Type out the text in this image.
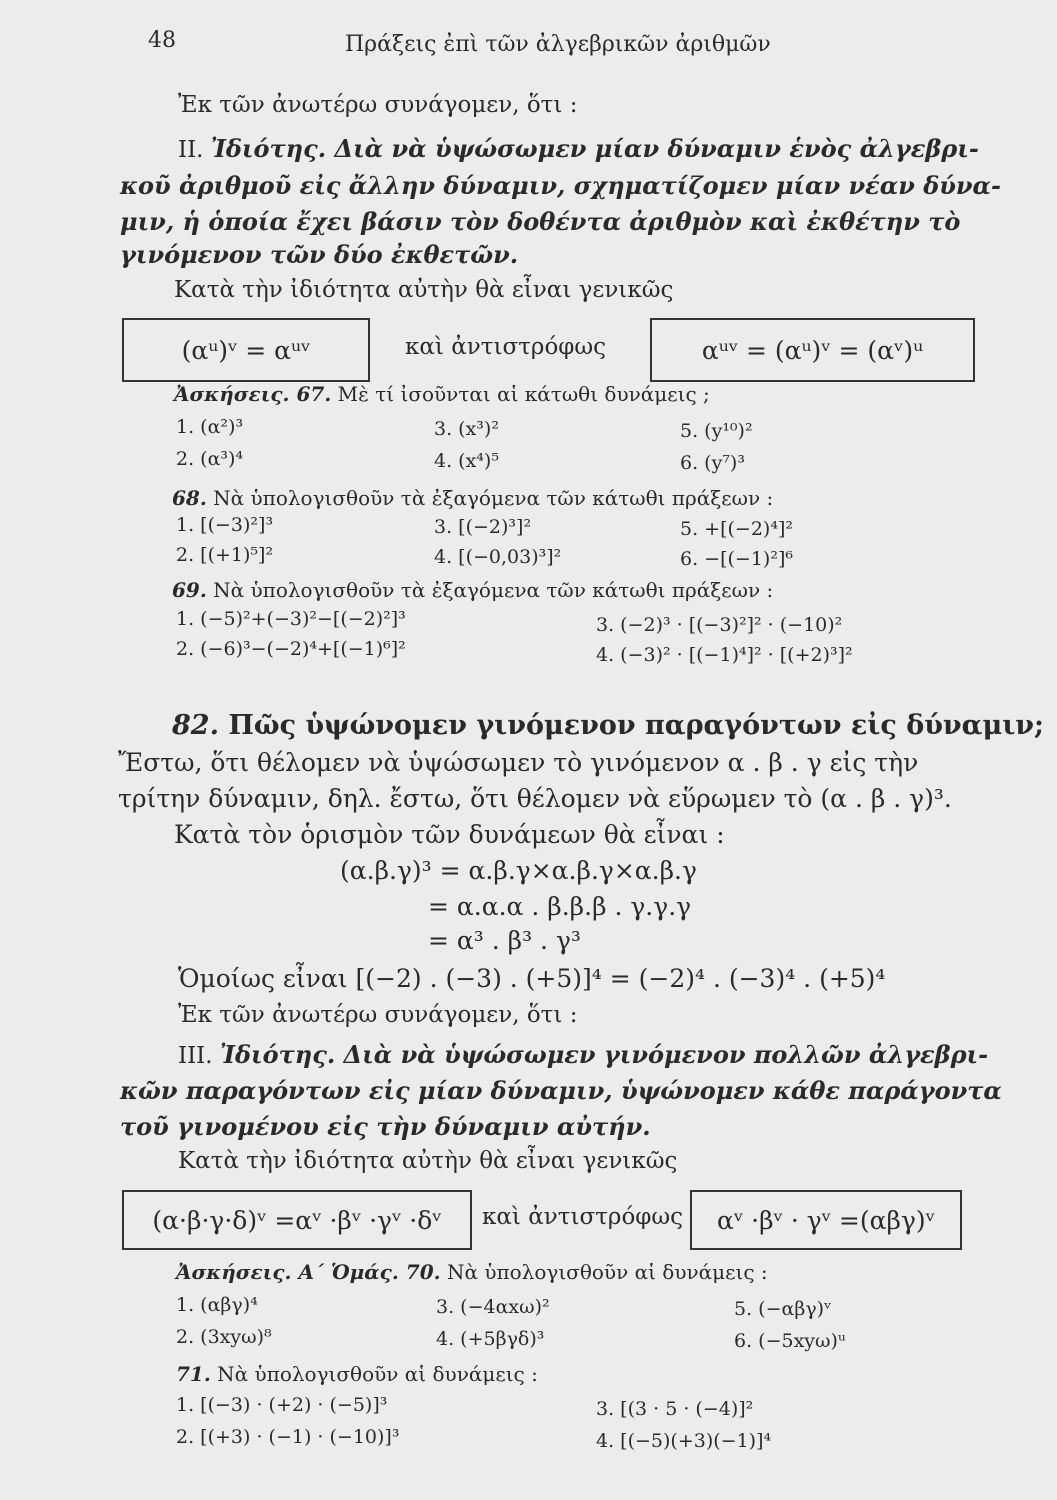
48	Πράξεις ἐπὶ τῶν ἀλγεβρικῶν ἀριθμῶν
Ἐκ τῶν ἀνωτέρω συνάγομεν, ὅτι :
II. Ἰδιότης. Διὰ νὰ ὑψώσωμεν μίαν δύναμιν ἑνὸς ἀλγεβρι-
κοῦ ἀριθμοῦ εἰς ἄλλην δύναμιν, σχηματίζομεν μίαν νέαν δύνα-
μιν, ἡ ὁποία ἔχει βάσιν τὸν δοθέντα ἀριθμὸν καὶ ἐκθέτην τὸ
γινόμενον τῶν δύο ἐκθετῶν.
Κατὰ τὴν ἰδιότητα αὐτὴν θὰ εἶναι γενικῶς
(αᵘ)ᵛ = αᵘᵛ	καὶ ἀντιστρόφως	αᵘᵛ = (αᵘ)ᵛ = (αᵛ)ᵘ
Ἀσκήσεις. 67. Μὲ τί ἰσοῦνται αἱ κάτωθι δυνάμεις ;
1. (α²)³	3. (x³)²	5. (y¹⁰)²
2. (α³)⁴	4. (x⁴)⁵	6. (y⁷)³
68. Νὰ ὑπολογισθοῦν τὰ ἐξαγόμενα τῶν κάτωθι πράξεων :
1. [(−3)²]³	3. [(−2)³]²	5. +[(−2)⁴]²
2. [(+1)⁵]²	4. [(−0,03)³]²	6. −[(−1)²]⁶
69. Νὰ ὑπολογισθοῦν τὰ ἐξαγόμενα τῶν κάτωθι πράξεων :
1. (−5)²+(−3)²−[(−2)²]³	3. (−2)³ · [(−3)²]² · (−10)²
2. (−6)³−(−2)⁴+[(−1)⁶]²	4. (−3)² · [(−1)⁴]² · [(+2)³]²
82. Πῶς ὑψώνομεν γινόμενον παραγόντων εἰς δύναμιν;
Ἔστω, ὅτι θέλομεν νὰ ὑψώσωμεν τὸ γινόμενον α . β . γ εἰς τὴν
τρίτην δύναμιν, δηλ. ἔστω, ὅτι θέλομεν νὰ εὕρωμεν τὸ (α . β . γ)³.
Κατὰ τὸν ὁρισμὸν τῶν δυνάμεων θὰ εἶναι :
(α.β.γ)³ = α.β.γ×α.β.γ×α.β.γ
= α.α.α . β.β.β . γ.γ.γ
= α³ . β³ . γ³
Ὁμοίως εἶναι [(−2) . (−3) . (+5)]⁴ = (−2)⁴ . (−3)⁴ . (+5)⁴
Ἐκ τῶν ἀνωτέρω συνάγομεν, ὅτι :
III. Ἰδιότης. Διὰ νὰ ὑψώσωμεν γινόμενον πολλῶν ἀλγεβρι-
κῶν παραγόντων εἰς μίαν δύναμιν, ὑψώνομεν κάθε παράγοντα
τοῦ γινομένου εἰς τὴν δύναμιν αὐτήν.
Κατὰ τὴν ἰδιότητα αὐτὴν θὰ εἶναι γενικῶς
(α·β·γ·δ)ᵛ =αᵛ ·βᵛ ·γᵛ ·δᵛ καὶ ἀντιστρόφως αᵛ ·βᵛ · γᵛ =(αβγ)ᵛ
Ἀσκήσεις. Α΄ Ὁμάς. 70. Νὰ ὑπολογισθοῦν αἱ δυνάμεις :
1. (αβγ)⁴	3. (−4αxω)²	5. (−αβγ)ᵛ
2. (3xyω)⁸	4. (+5βγδ)³	6. (−5xyω)ᵘ
71. Νὰ ὑπολογισθοῦν αἱ δυνάμεις :
1. [(−3) · (+2) · (−5)]³	3. [(3 · 5 · (−4)]²
2. [(+3) · (−1) · (−10)]³	4. [(−5)(+3)(−1)]⁴
